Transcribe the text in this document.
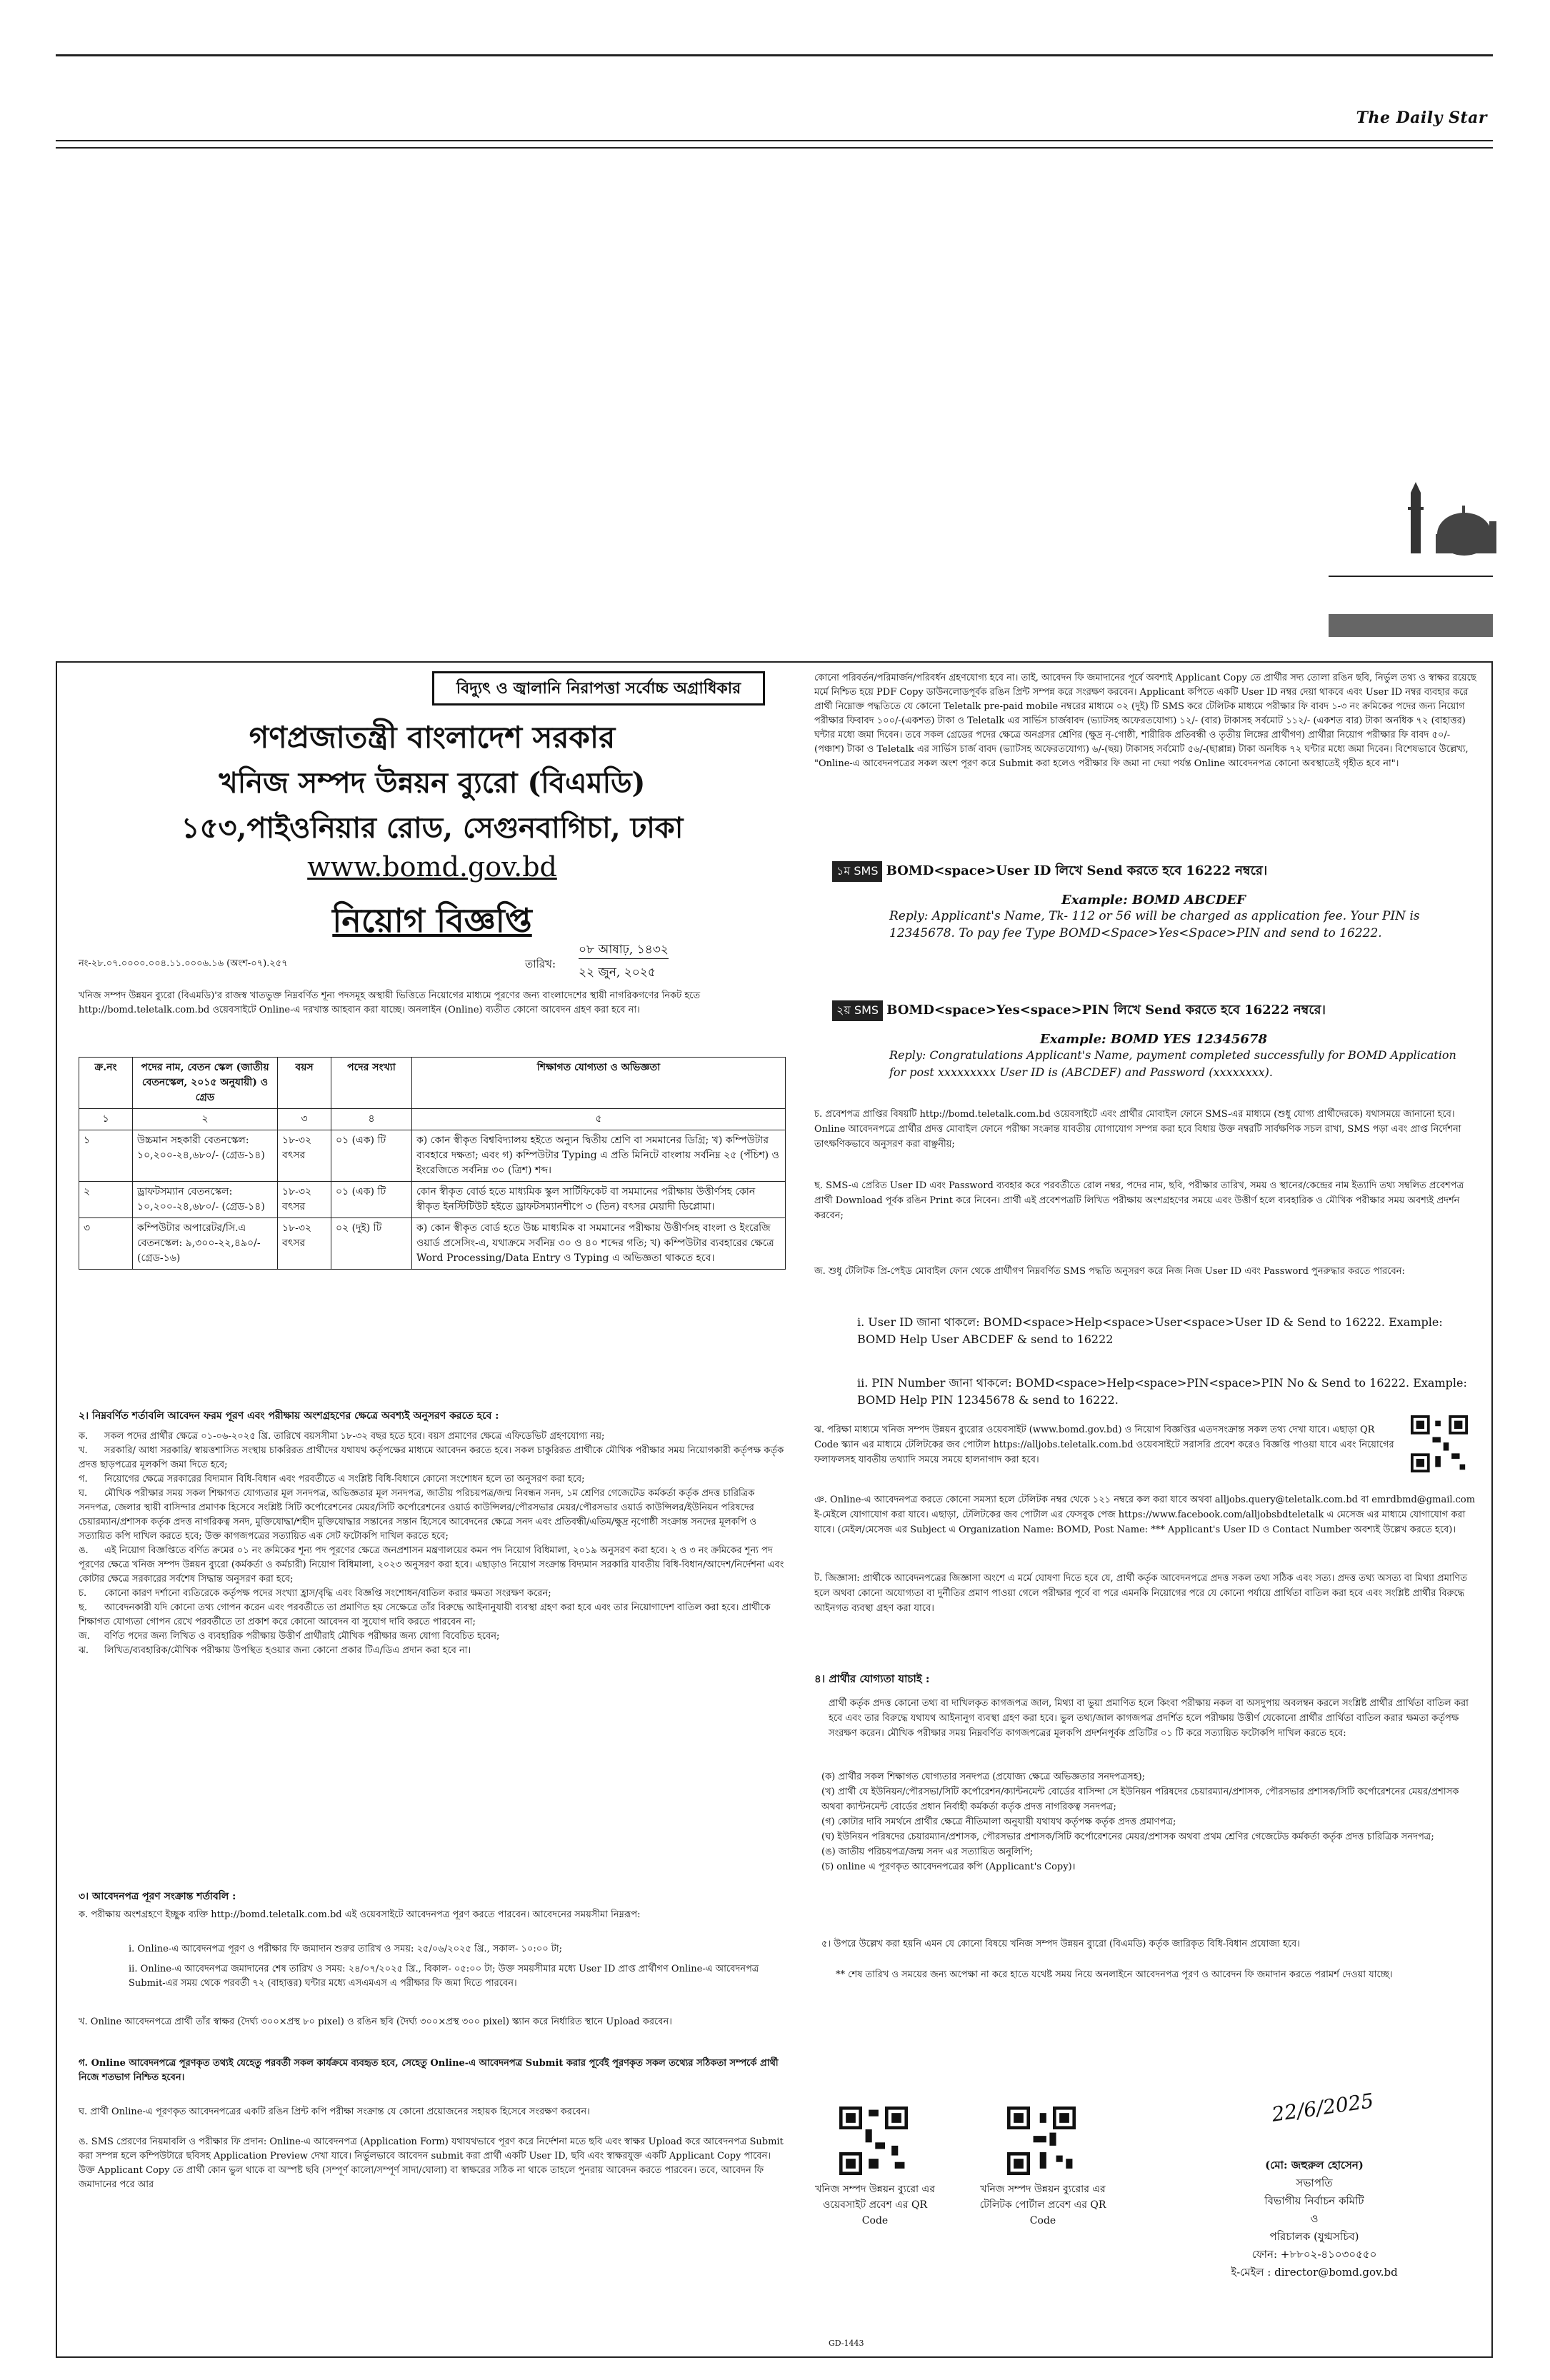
The Daily Star
বিদ্যুৎ ও জ্বালানি নিরাপত্তা সর্বোচ্চ অগ্রাধিকার
গণপ্রজাতন্ত্রী বাংলাদেশ সরকার
খনিজ সম্পদ উন্নয়ন ব্যুরো (বিএমডি)
১৫৩,পাইওনিয়ার রোড, সেগুনবাগিচা, ঢাকা
www.bomd.gov.bd
নিয়োগ বিজ্ঞপ্তি
নং-২৮.০৭.০০০০.০০৪.১১.০০০৬.১৬ (অংশ-০৭).২৫৭	তারিখ:
০৮ আষাঢ়, ১৪৩২
২২ জুন, ২০২৫
খনিজ সম্পদ উন্নয়ন ব্যুরো (বিএমডি)'র রাজস্ব খাতভুক্ত নিম্নবর্ণিত শূন্য পদসমূহ অস্থায়ী ভিত্তিতে নিয়োগের মাধ্যমে পূরণের জন্য বাংলাদেশের স্থায়ী নাগরিকগণের নিকট হতে http://bomd.teletalk.com.bd ওয়েবসাইটে Online-এ দরখাস্ত আহবান করা যাচ্ছে। অনলাইন (Online) ব্যতীত কোনো আবেদন গ্রহণ করা হবে না।
ক্র.নং	পদের নাম, বেতন স্কেল (জাতীয় বেতনস্কেল, ২০১৫ অনুযায়ী) ও গ্রেড	বয়স	পদের সংখ্যা	শিক্ষাগত যোগ্যতা ও অভিজ্ঞতা
১	২	৩	৪	৫
১	উচ্চমান সহকারী বেতনস্কেল: ১০,২০০-২৪,৬৮০/- (গ্রেড-১৪)	১৮-৩২ বৎসর	০১ (এক) টি	ক) কোন স্বীকৃত বিশ্ববিদ্যালয় হইতে অন্যুন দ্বিতীয় শ্রেণি বা সমমানের ডিগ্রি; খ) কম্পিউটার ব্যবহারে দক্ষতা; এবং গ) কম্পিউটার Typing এ প্রতি মিনিটে বাংলায় সর্বনিম্ন ২৫ (পঁচিশ) ও ইংরেজিতে সর্বনিম্ন ৩০ (ত্রিশ) শব্দ।
২	ড্রাফটসম্যান বেতনস্কেল: ১০,২০০-২৪,৬৮০/- (গ্রেড-১৪)	১৮-৩২ বৎসর	০১ (এক) টি	কোন স্বীকৃত বোর্ড হতে মাধ্যমিক স্কুল সার্টিফিকেট বা সমমানের পরীক্ষায় উত্তীর্ণসহ কোন স্বীকৃত ইনস্টিটিউট হইতে ড্রাফটসম্যানশীপে ৩ (তিন) বৎসর মেয়াদী ডিপ্লোমা।
৩	কম্পিউটার অপারেটর/সি.এ বেতনস্কেল: ৯,৩০০-২২,৪৯০/- (গ্রেড-১৬)	১৮-৩২ বৎসর	০২ (দুই) টি	ক) কোন স্বীকৃত বোর্ড হতে উচ্চ মাধ্যমিক বা সমমানের পরীক্ষায় উত্তীর্ণসহ বাংলা ও ইংরেজি ওয়ার্ড প্রসেসিং-এ, যথাক্রমে সর্বনিম্ন ৩০ ও ৪০ শব্দের গতি; খ) কম্পিউটার ব্যবহারের ক্ষেত্রে Word Processing/Data Entry ও Typing এ অভিজ্ঞতা থাকতে হবে।
২। নিম্নবর্ণিত শর্তাবলি আবেদন ফরম পূরণ এবং পরীক্ষায় অংশগ্রহণের ক্ষেত্রে অবশ্যই অনুসরণ করতে হবে :
ক. সকল পদের প্রার্থীর ক্ষেত্রে ০১-০৬-২০২৫ খ্রি. তারিখে বয়সসীমা ১৮-৩২ বছর হতে হবে। বয়স প্রমাণের ক্ষেত্রে এফিডেভিট গ্রহণযোগ্য নয়;
খ. সরকারি/ আধা সরকারি/ স্বায়ত্তশাসিত সংস্থায় চাকরিরত প্রার্থীদের যথাযথ কর্তৃপক্ষের মাধ্যমে আবেদন করতে হবে। সকল চাকুরিরত প্রার্থীকে মৌখিক পরীক্ষার সময় নিয়োগকারী কর্তৃপক্ষ কর্তৃক প্রদত্ত ছাড়পত্রের মূলকপি জমা দিতে হবে;
গ. নিয়োগের ক্ষেত্রে সরকারের বিদ্যমান বিধি-বিধান এবং পরবর্তীতে এ সংশ্লিষ্ট বিধি-বিধানে কোনো সংশোধন হলে তা অনুসরণ করা হবে;
ঘ. মৌখিক পরীক্ষার সময় সকল শিক্ষাগত যোগ্যতার মূল সনদপত্র, অভিজ্ঞতার মূল সনদপত্র, জাতীয় পরিচয়পত্র/জন্ম নিবন্ধন সনদ, ১ম শ্রেণির গেজেটেড কর্মকর্তা কর্তৃক প্রদত্ত চারিত্রিক সনদপত্র, জেলার স্থায়ী বাসিন্দার প্রমাণক হিসেবে সংশ্লিষ্ট সিটি কর্পোরেশনের মেয়র/সিটি কর্পোরেশনের ওয়ার্ড কাউন্সিলর/পৌরসভার মেয়র/পৌরসভার ওয়ার্ড কাউন্সিলর/ইউনিয়ন পরিষদের চেয়ারম্যান/প্রশাসক কর্তৃক প্রদত্ত নাগরিকত্ব সনদ, মুক্তিযোদ্ধা/শহীদ মুক্তিযোদ্ধার সন্তানের সন্তান হিসেবে আবেদনের ক্ষেত্রে সনদ এবং প্রতিবন্ধী/এতিম/ক্ষুদ্র নৃগোষ্ঠী সংক্রান্ত সনদের মূলকপি ও সত্যায়িত কপি দাখিল করতে হবে; উক্ত কাগজপত্রের সত্যায়িত এক সেট ফটোকপি দাখিল করতে হবে;
ঙ. এই নিয়োগ বিজ্ঞপ্তিতে বর্ণিত ক্রমের ০১ নং ক্রমিকের শূন্য পদ পূরণের ক্ষেত্রে জনপ্রশাসন মন্ত্রণালয়ের কমন পদ নিয়োগ বিধিমালা, ২০১৯ অনুসরণ করা হবে। ২ ও ৩ নং ক্রমিকের শূন্য পদ পূরণের ক্ষেত্রে খনিজ সম্পদ উন্নয়ন ব্যুরো (কর্মকর্তা ও কর্মচারী) নিয়োগ বিধিমালা, ২০২৩ অনুসরণ করা হবে। এছাড়াও নিয়োগ সংক্রান্ত বিদ্যমান সরকারি যাবতীয় বিধি-বিধান/আদেশ/নির্দেশনা এবং কোটার ক্ষেত্রে সরকারের সর্বশেষ সিদ্ধান্ত অনুসরণ করা হবে;
চ. কোনো কারণ দর্শানো ব্যতিরেকে কর্তৃপক্ষ পদের সংখ্যা হ্রাস/বৃদ্ধি এবং বিজ্ঞপ্তি সংশোধন/বাতিল করার ক্ষমতা সংরক্ষণ করেন;
ছ. আবেদনকারী যদি কোনো তথ্য গোপন করেন এবং পরবর্তীতে তা প্রমাণিত হয় সেক্ষেত্রে তাঁর বিরুদ্ধে আইনানুযায়ী ব্যবস্থা গ্রহণ করা হবে এবং তার নিয়োগাদেশ বাতিল করা হবে। প্রার্থীকে শিক্ষাগত যোগ্যতা গোপন রেখে পরবর্তীতে তা প্রকাশ করে কোনো আবেদন বা সুযোগ দাবি করতে পারবেন না;
জ. বর্ণিত পদের জন্য লিখিত ও ব্যবহারিক পরীক্ষায় উত্তীর্ণ প্রার্থীরাই মৌখিক পরীক্ষার জন্য যোগ্য বিবেচিত হবেন;
ঝ. লিখিত/ব্যবহারিক/মৌখিক পরীক্ষায় উপস্থিত হওয়ার জন্য কোনো প্রকার টিএ/ডিএ প্রদান করা হবে না।
৩। আবেদনপত্র পূরণ সংক্রান্ত শর্তাবলি :
ক. পরীক্ষায় অংশগ্রহণে ইচ্ছুক ব্যক্তি http://bomd.teletalk.com.bd এই ওয়েবসাইটে আবেদনপত্র পূরণ করতে পারবেন। আবেদনের সময়সীমা নিম্নরূপ:
i. Online-এ আবেদনপত্র পূরণ ও পরীক্ষার ফি জমাদান শুরুর তারিখ ও সময়: ২৫/০৬/২০২৫ খ্রি., সকাল- ১০:০০ টা;
ii. Online-এ আবেদনপত্র জমাদানের শেষ তারিখ ও সময়: ২৪/০৭/২০২৫ খ্রি., বিকাল- ০৫:০০ টা; উক্ত সময়সীমার মধ্যে User ID প্রাপ্ত প্রার্থীগণ Online-এ আবেদনপত্র Submit-এর সময় থেকে পরবর্তী ৭২ (বাহাত্তর) ঘন্টার মধ্যে এসএমএস এ পরীক্ষার ফি জমা দিতে পারবেন।
খ. Online আবেদনপত্রে প্রার্থী তাঁর স্বাক্ষর (দৈর্ঘ্য ৩০০×প্রস্থ ৮০ pixel) ও রঙিন ছবি (দৈর্ঘ্য ৩০০×প্রস্থ ৩০০ pixel) স্ক্যান করে নির্ধারিত স্থানে Upload করবেন।
গ. Online আবেদনপত্রে পূরণকৃত তথ্যই যেহেতু পরবর্তী সকল কার্যক্রমে ব্যবহৃত হবে, সেহেতু Online-এ আবেদনপত্র Submit করার পূর্বেই পূরণকৃত সকল তথ্যের সঠিকতা সম্পর্কে প্রার্থী নিজে শতভাগ নিশ্চিত হবেন।
ঘ. প্রার্থী Online-এ পূরণকৃত আবেদনপত্রের একটি রঙিন প্রিন্ট কপি পরীক্ষা সংক্রান্ত যে কোনো প্রয়োজনের সহায়ক হিসেবে সংরক্ষণ করবেন।
ঙ. SMS প্রেরণের নিয়মাবলি ও পরীক্ষার ফি প্রদান: Online-এ আবেদনপত্র (Application Form) যথাযথভাবে পূরণ করে নির্দেশনা মতে ছবি এবং স্বাক্ষর Upload করে আবেদনপত্র Submit করা সম্পন্ন হলে কম্পিউটারে ছবিসহ Application Preview দেখা যাবে। নির্ভুলভাবে আবেদন submit করা প্রার্থী একটি User ID, ছবি এবং স্বাক্ষরযুক্ত একটি Applicant Copy পাবেন। উক্ত Applicant Copy তে প্রার্থী কোন ভুল থাকে বা অস্পষ্ট ছবি (সম্পূর্ণ কালো/সম্পূর্ণ সাদা/ঘোলা) বা স্বাক্ষরের সঠিক না থাকে তাহলে পুনরায় আবেদন করতে পারবেন। তবে, আবেদন ফি জমাদানের পরে আর
কোনো পরিবর্তন/পরিমার্জন/পরিবর্ধন গ্রহণযোগ্য হবে না। তাই, আবেদন ফি জমাদানের পূর্বে অবশ্যই Applicant Copy তে প্রার্থীর সদ্য তোলা রঙিন ছবি, নির্ভুল তথ্য ও স্বাক্ষর রয়েছে মর্মে নিশ্চিত হয়ে PDF Copy ডাউনলোডপূর্বক রঙিন প্রিন্ট সম্পন্ন করে সংরক্ষণ করবেন। Applicant কপিতে একটি User ID নম্বর দেয়া থাকবে এবং User ID নম্বর ব্যবহার করে প্রার্থী নিম্নোক্ত পদ্ধতিতে যে কোনো Teletalk pre-paid mobile নম্বরের মাধ্যমে ০২ (দুই) টি SMS করে টেলিটক মাধ্যমে পরীক্ষার ফি বাবদ ১-৩ নং ক্রমিকের পদের জন্য নিয়োগ পরীক্ষার ফিবাবদ ১০০/-(একশত) টাকা ও Teletalk এর সার্ভিস চার্জবাবদ (ভ্যাটসহ অফেরতযোগ্য) ১২/- (বার) টাকাসহ সর্বমোট ১১২/- (একশত বার) টাকা অনধিক ৭২ (বাহাত্তর) ঘন্টার মধ্যে জমা দিবেন। তবে সকল গ্রেডের পদের ক্ষেত্রে অনগ্রসর শ্রেণির (ক্ষুদ্র নৃ-গোষ্ঠী, শারীরিক প্রতিবন্ধী ও তৃতীয় লিঙ্গের প্রার্থীগণ) প্রার্থীরা নিয়োগ পরীক্ষার ফি বাবদ ৫০/- (পঞ্চাশ) টাকা ও Teletalk এর সার্ভিস চার্জ বাবদ (ভ্যাটসহ অফেরতযোগ্য) ৬/-(ছয়) টাকাসহ সর্বমোট ৫৬/-(ছাপ্পান্ন) টাকা অনধিক ৭২ ঘন্টার মধ্যে জমা দিবেন। বিশেষভাবে উল্লেখ্য, "Online-এ আবেদনপত্রের সকল অংশ পূরণ করে Submit করা হলেও পরীক্ষার ফি জমা না দেয়া পর্যন্ত Online আবেদনপত্র কোনো অবস্থাতেই গৃহীত হবে না"।
১ম SMS BOMD<space>User ID লিখে Send করতে হবে 16222 নম্বরে।
Example: BOMD ABCDEF
Reply: Applicant's Name, Tk- 112 or 56 will be charged as application fee. Your PIN is 12345678. To pay fee Type BOMD<Space>Yes<Space>PIN and send to 16222.
২য় SMS BOMD<space>Yes<space>PIN লিখে Send করতে হবে 16222 নম্বরে।
Example: BOMD YES 12345678
Reply: Congratulations Applicant's Name, payment completed successfully for BOMD Application for post xxxxxxxxx User ID is (ABCDEF) and Password (xxxxxxxx).
চ. প্রবেশপত্র প্রাপ্তির বিষয়টি http://bomd.teletalk.com.bd ওয়েবসাইটে এবং প্রার্থীর মোবাইল ফোনে SMS-এর মাধ্যমে (শুধু যোগ্য প্রার্থীদেরকে) যথাসময়ে জানানো হবে। Online আবেদনপত্রে প্রার্থীর প্রদত্ত মোবাইল ফোনে পরীক্ষা সংক্রান্ত যাবতীয় যোগাযোগ সম্পন্ন করা হবে বিধায় উক্ত নম্বরটি সার্বক্ষণিক সচল রাখা, SMS পড়া এবং প্রাপ্ত নির্দেশনা তাৎক্ষণিকভাবে অনুসরণ করা বাঞ্ছনীয়;
ছ. SMS-এ প্রেরিত User ID এবং Password ব্যবহার করে পরবর্তীতে রোল নম্বর, পদের নাম, ছবি, পরীক্ষার তারিখ, সময় ও স্থানের/কেন্দ্রের নাম ইত্যাদি তথ্য সম্বলিত প্রবেশপত্র প্রার্থী Download পূর্বক রঙিন Print করে নিবেন। প্রার্থী এই প্রবেশপত্রটি লিখিত পরীক্ষায় অংশগ্রহণের সময়ে এবং উত্তীর্ণ হলে ব্যবহারিক ও মৌখিক পরীক্ষার সময় অবশ্যই প্রদর্শন করবেন;
জ. শুধু টেলিটক প্রি-পেইড মোবাইল ফোন থেকে প্রার্থীগণ নিম্নবর্ণিত SMS পদ্ধতি অনুসরণ করে নিজ নিজ User ID এবং Password পুনরুদ্ধার করতে পারবেন:
i. User ID জানা থাকলে: BOMD<space>Help<space>User<space>User ID & Send to 16222. Example: BOMD Help User ABCDEF & send to 16222
ii. PIN Number জানা থাকলে: BOMD<space>Help<space>PIN<space>PIN No & Send to 16222. Example: BOMD Help PIN 12345678 & send to 16222.
ঝ. পরিক্ষা মাধ্যমে খনিজ সম্পদ উন্নয়ন ব্যুরোর ওয়েবসাইট (www.bomd.gov.bd) ও নিয়োগ বিজ্ঞপ্তির এতদসংক্রান্ত সকল তথ্য দেখা যাবে। এছাড়া QR Code স্ক্যান এর মাধ্যমে টেলিটকের জব পোর্টাল https://alljobs.teletalk.com.bd ওয়েবসাইটে সরাসরি প্রবেশ করেও বিজ্ঞপ্তি পাওয়া যাবে এবং নিয়োগের ফলাফলসহ যাবতীয় তথ্যাদি সময়ে সময়ে হালনাগাদ করা হবে।
ঞ. Online-এ আবেদনপত্র করতে কোনো সমস্যা হলে টেলিটক নম্বর থেকে ১২১ নম্বরে কল করা যাবে অথবা alljobs.query@teletalk.com.bd বা emrdbmd@gmail.com ই-মেইলে যোগাযোগ করা যাবে। এছাড়া, টেলিটকের জব পোর্টাল এর ফেসবুক পেজ https://www.facebook.com/alljobsbdteletalk এ মেসেজ এর মাধ্যমে যোগাযোগ করা যাবে। (মেইল/মেসেজ এর Subject এ Organization Name: BOMD, Post Name: *** Applicant's User ID ও Contact Number অবশ্যই উল্লেখ করতে হবে)।
ট. জিজ্ঞাসা: প্রার্থীকে আবেদনপত্রের জিজ্ঞাসা অংশে এ মর্মে ঘোষণা দিতে হবে যে, প্রার্থী কর্তৃক আবেদনপত্রে প্রদত্ত সকল তথ্য সঠিক এবং সত্য। প্রদত্ত তথ্য অসত্য বা মিথ্যা প্রমাণিত হলে অথবা কোনো অযোগ্যতা বা দুর্নীতির প্রমাণ পাওয়া গেলে পরীক্ষার পূর্বে বা পরে এমনকি নিয়োগের পরে যে কোনো পর্যায়ে প্রার্থিতা বাতিল করা হবে এবং সংশ্লিষ্ট প্রার্থীর বিরুদ্ধে আইনগত ব্যবস্থা গ্রহণ করা যাবে।
৪। প্রার্থীর যোগ্যতা যাচাই :
প্রার্থী কর্তৃক প্রদত্ত কোনো তথ্য বা দাখিলকৃত কাগজপত্র জাল, মিথ্যা বা ভুয়া প্রমাণিত হলে কিংবা পরীক্ষায় নকল বা অসদুপায় অবলম্বন করলে সংশ্লিষ্ট প্রার্থীর প্রার্থিতা বাতিল করা হবে এবং তার বিরুদ্ধে যথাযথ আইনানুগ ব্যবস্থা গ্রহণ করা হবে। ভুল তথ্য/জাল কাগজপত্র প্রদর্শিত হলে পরীক্ষায় উত্তীর্ণ যেকোনো প্রার্থীর প্রার্থিতা বাতিল করার ক্ষমতা কর্তৃপক্ষ সংরক্ষণ করেন। মৌখিক পরীক্ষার সময় নিম্নবর্ণিত কাগজপত্রের মূলকপি প্রদর্শনপূর্বক প্রতিটির ০১ টি করে সত্যায়িত ফটোকপি দাখিল করতে হবে:
(ক) প্রার্থীর সকল শিক্ষাগত যোগ্যতার সনদপত্র (প্রযোজ্য ক্ষেত্রে অভিজ্ঞতার সনদপত্রসহ);
(খ) প্রার্থী যে ইউনিয়ন/পৌরসভা/সিটি কর্পোরেশন/ক্যান্টনমেন্ট বোর্ডের বাসিন্দা সে ইউনিয়ন পরিষদের চেয়ারম্যান/প্রশাসক, পৌরসভার প্রশাসক/সিটি কর্পোরেশনের মেয়র/প্রশাসক অথবা ক্যান্টনমেন্ট বোর্ডের প্রধান নির্বাহী কর্মকর্তা কর্তৃক প্রদত্ত নাগরিকত্ব সনদপত্র;
(গ) কোটার দাবি সমর্থনে প্রার্থীর ক্ষেত্রে নীতিমালা অনুযায়ী যথাযথ কর্তৃপক্ষ কর্তৃক প্রদত্ত প্রমাণপত্র;
(ঘ) ইউনিয়ন পরিষদের চেয়ারম্যান/প্রশাসক, পৌরসভার প্রশাসক/সিটি কর্পোরেশনের মেয়র/প্রশাসক অথবা প্রথম শ্রেণির গেজেটেড কর্মকর্তা কর্তৃক প্রদত্ত চারিত্রিক সনদপত্র;
(ঙ) জাতীয় পরিচয়পত্র/জন্ম সনদ এর সত্যায়িত অনুলিপি;
(চ) online এ পূরণকৃত আবেদনপত্রের কপি (Applicant's Copy)।
৫। উপরে উল্লেখ করা হয়নি এমন যে কোনো বিষয়ে খনিজ সম্পদ উন্নয়ন ব্যুরো (বিএমডি) কর্তৃক জারিকৃত বিধি-বিধান প্রযোজ্য হবে।
** শেষ তারিখ ও সময়ের জন্য অপেক্ষা না করে হাতে যথেষ্ট সময় নিয়ে অনলাইনে আবেদনপত্র পূরণ ও আবেদন ফি জমাদান করতে পরামর্শ দেওয়া যাচ্ছে।
খনিজ সম্পদ উন্নয়ন ব্যুরো এর ওয়েবসাইট প্রবেশ এর QR Code
খনিজ সম্পদ উন্নয়ন ব্যুরোর এর টেলিটক পোর্টাল প্রবেশ এর QR Code
22/6/2025
(মো: জহুরুল হোসেন)
সভাপতি
বিভাগীয় নির্বাচন কমিটি
ও
পরিচালক (যুগ্মসচিব)
ফোন: +৮৮০২-৪১০৩০৫৫০
ই-মেইল : director@bomd.gov.bd
GD-1443
